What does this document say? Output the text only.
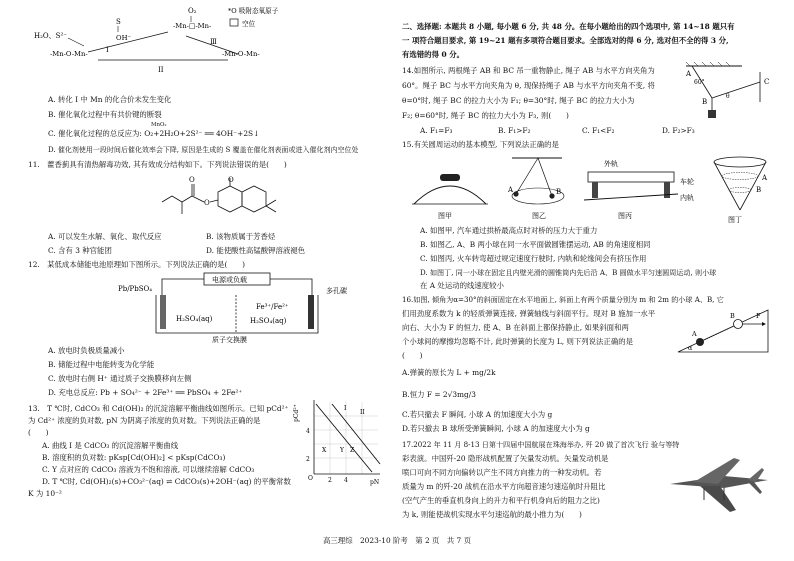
O₂	*O 吸附态氧原子
空位
-Mn-□-Mn-
H₂O、S²⁻
S
OH⁻
-Mn-O-Mn-	I
II
Ⅲ
-Mn-O-Mn-
A. 转化 I 中 Mn 的化合价未发生变化
B. 催化氧化过程中有共价键的断裂
MnO₂
C. 催化氧化过程的总反应为: O₂+2H₂O+2S²⁻ ══ 4OH⁻+2S↓
D. 催化剂使用一段时间后催化效率会下降, 原因是生成的 S 覆盖在催化剂表面或进入催化剂内空位处
11.　藿香蓟具有清热解毒功效, 其有效成分结构如下。下列说法错误的是(　　)
O
O
O
A. 可以发生水解、氧化、取代反应	B. 该物质属于芳香烃
C. 含有 3 种官能团	D. 能使酸性高锰酸钾溶液褪色
12.　某低成本储能电池原理如下图所示。下列说法正确的是(　　)
电源或负载
Pb/PbSO₄
H₂SO₄(aq)
Fe³⁺/Fe²⁺
H₂SO₄(aq)
多孔碳
质子交换膜
A. 放电时负极质量减小
B. 储能过程中电能转变为化学能
C. 放电时右侧 H⁺ 通过质子交换膜移向左侧
D. 充电总反应: Pb + SO₄²⁻ + 2Fe³⁺ ══ PbSO₄ + 2Fe²⁺
13.　T ℃时, CdCO₃ 和 Cd(OH)₂ 的沉淀溶解平衡曲线如图所示。已知 pCd²⁺
为 Cd²⁺ 浓度的负对数, pN 为阴离子浓度的负对数。下列说法正确的是
(　　)
A. 曲线 I 是 CdCO₃ 的沉淀溶解平衡曲线
B. 溶度积的负对数: pKsp[Cd(OH)₂] < pKsp(CdCO₃)
C. Y 点对应的 CdCO₃ 溶液为不饱和溶液, 可以继续溶解 CdCO₃
D. T ℃时, Cd(OH)₂(s)+CO₃²⁻(aq) ⇌ CdCO₃(s)+2OH⁻(aq) 的平衡常数
K 为 10⁻²
pCd²⁺
pN
O
4
2
2 4
I
II
X Y Z
二、选择题: 本题共 8 小题, 每小题 6 分, 共 48 分。在每小题给出的四个选项中, 第 14~18 题只有
一 项符合题目要求, 第 19~21 题有多项符合题目要求。全部选对的得 6 分, 选对但不全的得 3 分,
有选错的得 0 分。
14.如图所示, 两根绳子 AB 和 BC 吊一重物静止, 绳子 AB 与水平方向夹角为
60°。绳子 BC 与水平方向夹角为 θ, 现保持绳子 AB 与水平方向夹角不变, 将
θ=0°时, 绳子 BC 的拉力大小为 F₁; θ=30°时, 绳子 BC 的拉力大小为
F₂; θ=60°时, 绳子 BC 的拉力大小为 F₃, 则(　　)
A. F₁=F₃	B. F₁>F₂	C. F₁<F₂	D. F₂>F₃
A
B
C
60°
θ
15.有关圆周运动的基本模型, 下列说法正确的是
图甲
A	B
图乙
外轨
车轮
内轨
图丙
A
B
图丁
A. 如图甲, 汽车通过拱桥最高点时对桥的压力大于重力
B. 如图乙, A、B 两小球在同一水平面做圆锥摆运动, AB 的角速度相同
C. 如图丙, 火车转弯超过规定速度行驶时, 内轨和轮缘间会有挤压作用
D. 如图丁, 同一小球在固定且内壁光滑的圆锥筒内先后沿 A、B 圆做水平匀速圆周运动, 则小球
在 A 处运动的线速度较小
16.如图, 倾角为α=30°的斜面固定在水平地面上, 斜面上有两个质量分别为 m 和 2m 的小球 A、B, 它
们用劲度系数为 k 的轻质弹簧连接, 弹簧轴线与斜面平行。现对 B 施加一水平
向右、大小为 F 的恒力, 使 A、B 在斜面上都保持静止, 如果斜面和两
个小球间的摩擦均忽略不计, 此时弹簧的长度为 L, 则下列说法正确的是
(　　)
A.弹簧的原长为 L + mg/2k
B.恒力 F = 2√3mg/3
C.若只撤去 F 瞬间, 小球 A 的加速度大小为 g
D.若只撤去 B 球所受弹簧瞬间, 小球 A 的加速度大小为 g
A
B	F
α
17.2022 年 11 月 8-13 日第十四届中国航展在珠海举办, 歼 20 做了首次飞行 验与等特
彩表演。中国歼-20 隐形战机配置了矢量发动机。矢量发动机是
喷口可向不同方向偏转以产生不同方向推力的一种发动机。若
质量为 m 的歼-20 战机在沿水平方向超音速匀速巡航时升阻比
(空气产生的垂直机身向上的升力和平行机身向后的阻力之比)
为 k, 则能使战机实现水平匀速巡航的最小推力为(　　)
高三理综　2023-10 阶考　第 2 页　共 7 页
